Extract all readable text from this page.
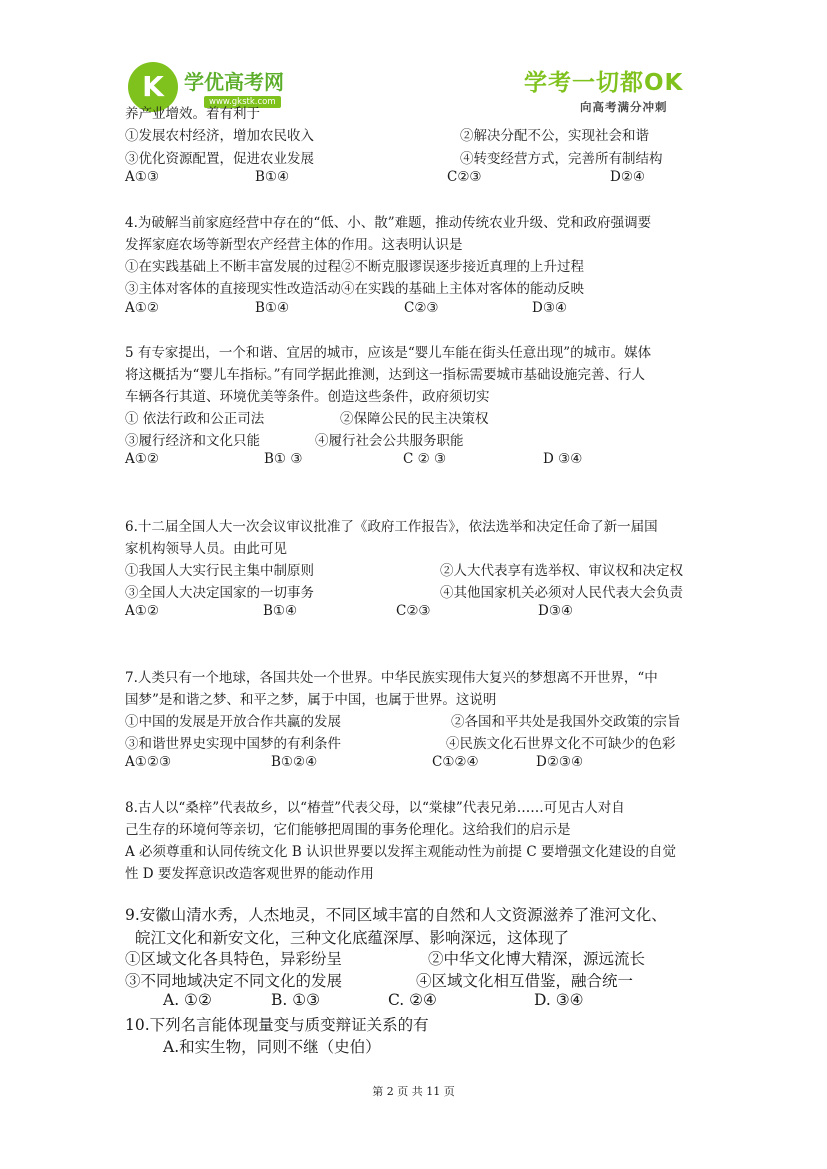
K	学优高考网
www.gkstk.com
学考一切都OK
向高考满分冲刺
养产业增效。着有利于
①发展农村经济，增加农民收入	②解决分配不公，实现社会和谐
③优化资源配置，促进农业发展	④转变经营方式，完善所有制结构
A①③	B①④	C②③	D②④
4.为破解当前家庭经营中存在的“低、小、散”难题，推动传统农业升级、党和政府强调要
发挥家庭农场等新型农产经营主体的作用。这表明认识是
①在实践基础上不断丰富发展的过程②不断克服谬误逐步接近真理的上升过程
③主体对客体的直接现实性改造活动④在实践的基础上主体对客体的能动反映
A①②	B①④	C②③	D③④
5 有专家提出，一个和谐、宜居的城市，应该是“婴儿车能在街头任意出现”的城市。媒体
将这概括为“婴儿车指标。”有同学据此推测，达到这一指标需要城市基础设施完善、行人
车辆各行其道、环境优美等条件。创造这些条件，政府须切实
① 依法行政和公正司法	②保障公民的民主决策权
③履行经济和文化只能	④履行社会公共服务职能
A①②	B① ③	C ② ③	D ③④
6.十二届全国人大一次会议审议批准了《政府工作报告》，依法选举和决定任命了新一届国
家机构领导人员。由此可见
①我国人大实行民主集中制原则	②人大代表享有选举权、审议权和决定权
③全国人大决定国家的一切事务	④其他国家机关必须对人民代表大会负责
A①②	B①④	C②③	D③④
7.人类只有一个地球，各国共处一个世界。中华民族实现伟大复兴的梦想离不开世界，“中
国梦”是和谐之梦、和平之梦，属于中国，也属于世界。这说明
①中国的发展是开放合作共赢的发展	②各国和平共处是我国外交政策的宗旨
③和谐世界史实现中国梦的有利条件	④民族文化石世界文化不可缺少的色彩
A①②③	B①②④	C①②④	D②③④
8.古人以“桑梓”代表故乡，以“椿萱”代表父母，以“棠棣”代表兄弟……可见古人对自
己生存的环境何等亲切，它们能够把周围的事务伦理化。这给我们的启示是
A 必须尊重和认同传统文化 B 认识世界要以发挥主观能动性为前提 C 要增强文化建设的自觉
性 D 要发挥意识改造客观世界的能动作用
9.安徽山清水秀，人杰地灵，不同区域丰富的自然和人文资源滋养了淮河文化、
皖江文化和新安文化，三种文化底蕴深厚、影响深远，这体现了
①区域文化各具特色，异彩纷呈	②中华文化博大精深，源远流长
③不同地域决定不同文化的发展	④区域文化相互借鉴，融合统一
A. ①②	B. ①③	C. ②④	D. ③④
10.下列名言能体现量变与质变辩证关系的有
A.和实生物，同则不继（史伯）
第 2 页 共 11 页
